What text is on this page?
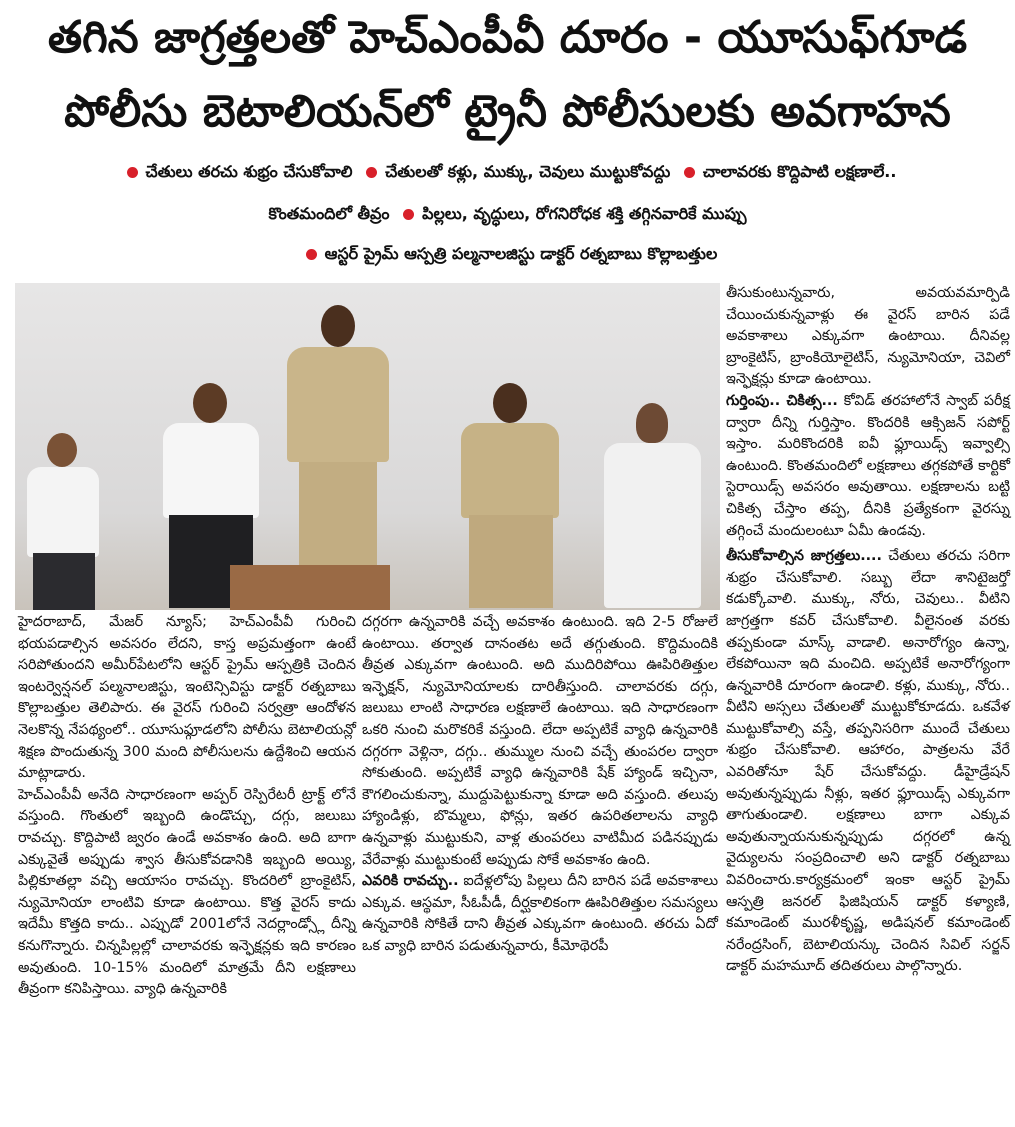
తగిన జాగ్రత్తలతో హెచ్‌ఎంపీవీ దూరం - యూసుఫ్‌గూడ
పోలీసు బెటాలియన్‌లో ట్రైనీ పోలీసులకు అవగాహన
చేతులు తరచు శుభ్రం చేసుకోవాలి చేతులతో కళ్లు, ముక్కు, చెవులు ముట్టుకోవద్దు చాలావరకు కొద్దిపాటి లక్షణాలే..
కొంతమందిలో తీవ్రం పిల్లలు, వృద్ధులు, రోగనిరోధక శక్తి తగ్గినవారికే ముప్పు
ఆస్టర్ ప్రైమ్ ఆస్పత్రి పల్మనాలజిస్టు డాక్టర్ రత్నబాబు కొల్లాబత్తుల

హైదరాబాద్, మేజర్ న్యూస్; హెచ్‌ఎంపీవీ గురించి భయపడాల్సిన అవసరం లేదని, కాస్త అప్రమత్తంగా ఉంటే సరిపోతుందని అమీర్‌పేటలోని ఆస్టర్ ప్రైమ్ ఆస్పత్రికి చెందిన ఇంటర్వెన్షనల్ పల్మనాలజిస్టు, ఇంటెన్సివిస్టు డాక్టర్ రత్నబాబు కొల్లాబత్తుల తెలిపారు. ఈ వైరస్ గురించి సర్వత్రా ఆందోళన నెలకొన్న నేపథ్యంలో.. యూసుఫ్గూడలోని పోలీసు బెటాలియన్లో శిక్షణ పొందుతున్న 300 మంది పోలీసులను ఉద్దేశించి ఆయన మాట్లాడారు.

హెచ్‌ఎంపీవీ అనేది సాధారణంగా అప్పర్ రెస్పిరేటరీ ట్రాక్ట్ లోనే వస్తుంది. గొంతులో ఇబ్బంది ఉండొచ్చు, దగ్గు, జలుబు రావచ్చు. కొద్దిపాటి జ్వరం ఉండే అవకాశం ఉంది. అది బాగా ఎక్కువైతే అప్పుడు శ్వాస తీసుకోవడానికి ఇబ్బంది అయ్యి, పిల్లికూతల్లా వచ్చి ఆయాసం రావచ్చు. కొందరిలో బ్రాంకైటిస్, న్యుమోనియా లాంటివి కూడా ఉంటాయి. కొత్త వైరస్ కాదు ఇదేమీ కొత్తది కాదు.. ఎప్పుడో 2001లోనే నెదర్లాండ్స్లో దీన్ని కనుగొన్నారు. చిన్నపిల్లల్లో చాలావరకు ఇన్ఫెక్షన్లకు ఇది కారణం అవుతుంది. 10-15% మందిలో మాత్రమే దీని లక్షణాలు తీవ్రంగా కనిపిస్తాయి. వ్యాధి ఉన్నవారికి

దగ్గరగా ఉన్నవారికి వచ్చే అవకాశం ఉంటుంది. ఇది 2-5 రోజులే ఉంటాయి. తర్వాత దానంతట అదే తగ్గుతుంది. కొద్దిమందికి తీవ్రత ఎక్కువగా ఉంటుంది. అది ముదిరిపోయి ఊపిరితిత్తుల ఇన్ఫెక్షన్, న్యుమోనియాలకు దారితీస్తుంది. చాలావరకు దగ్గు, జలుబు లాంటి సాధారణ లక్షణాలే ఉంటాయి. ఇది సాధారణంగా ఒకరి నుంచి మరొకరికే వస్తుంది. లేదా అప్పటికే వ్యాధి ఉన్నవారికి దగ్గరగా వెళ్లినా, దగ్గు.. తుమ్ముల నుంచి వచ్చే తుంపరల ద్వారా సోకుతుంది. అప్పటికే వ్యాధి ఉన్నవారికి షేక్ హ్యాండ్ ఇచ్చినా, కౌగలించుకున్నా, ముద్దుపెట్టుకున్నా కూడా అది వస్తుంది. తలుపు హ్యాండిళ్లు, బొమ్మలు, ఫోన్లు, ఇతర ఉపరితలాలను వ్యాధి ఉన్నవాళ్లు ముట్టుకుని, వాళ్ల తుంపరలు వాటిమీద పడినప్పుడు వేరేవాళ్లు ముట్టుకుంటే అప్పుడు సోకే అవకాశం ఉంది.

ఎవరికి రావచ్చు.. ఐదేళ్లలోపు పిల్లలు దీని బారిన పడే అవకాశాలు ఎక్కువ. ఆస్థమా, సీఓపీడీ, దీర్ఘకాలికంగా ఊపిరితిత్తుల సమస్యలు ఉన్నవారికి సోకితే దాని తీవ్రత ఎక్కువగా ఉంటుంది. తరచు ఏదో ఒక వ్యాధి బారిన పడుతున్నవారు, కీమోథెరపీ

తీసుకుంటున్నవారు, అవయవమార్పిడి చేయించుకున్నవాళ్లు ఈ వైరస్ బారిన పడే అవకాశాలు ఎక్కువగా ఉంటాయి. దీనివల్ల బ్రాంకైటిస్, బ్రాంకియోలైటిస్, న్యుమోనియా, చెవిలో ఇన్ఫెక్షన్లు కూడా ఉంటాయి.

గుర్తింపు.. చికిత్స... కోవిడ్ తరహాలోనే స్వాబ్ పరీక్ష ద్వారా దీన్ని గుర్తిస్తాం. కొందరికి ఆక్సిజన్ సపోర్ట్ ఇస్తాం. మరికొందరికి ఐవీ ఫ్లూయిడ్స్ ఇవ్వాల్సి ఉంటుంది. కొంతమందిలో లక్షణాలు తగ్గకపోతే కార్టికో స్టెరాయిడ్స్ అవసరం అవుతాయి. లక్షణాలను బట్టి చికిత్స చేస్తాం తప్ప, దీనికి ప్రత్యేకంగా వైరస్ను తగ్గించే మందులంటూ ఏమీ ఉండవు.

తీసుకోవాల్సిన జాగ్రత్తలు.... చేతులు తరచు సరిగా శుభ్రం చేసుకోవాలి. సబ్బు లేదా శానిటైజర్తో కడుక్కోవాలి. ముక్కు, నోరు, చెవులు.. వీటిని జాగ్రత్తగా కవర్ చేసుకోవాలి. వీలైనంత వరకు తప్పకుండా మాస్క్ వాడాలి. అనారోగ్యం ఉన్నా, లేకపోయినా ఇది మంచిది. అప్పటికే అనారోగ్యంగా ఉన్నవారికి దూరంగా ఉండాలి. కళ్లు, ముక్కు, నోరు.. వీటిని అస్సలు చేతులతో ముట్టుకోకూడదు. ఒకవేళ ముట్టుకోవాల్సి వస్తే, తప్పనిసరిగా ముందే చేతులు శుభ్రం చేసుకోవాలి. ఆహారం, పాత్రలను వేరే ఎవరితోనూ షేర్ చేసుకోవద్దు. డీహైడ్రేషన్ అవుతున్నప్పుడు నీళ్లు, ఇతర ఫ్లూయిడ్స్ ఎక్కువగా తాగుతుండాలి. లక్షణాలు బాగా ఎక్కువ అవుతున్నాయనుకున్నప్పుడు దగ్గరలో ఉన్న వైద్యులను సంప్రదించాలి అని డాక్టర్ రత్నబాబు వివరించారు.కార్యక్రమంలో ఇంకా ఆస్టర్ ప్రైమ్ ఆస్పత్రి జనరల్ ఫిజిషియన్ డాక్టర్ కళ్యాణి, కమాండెంట్ మురళీకృష్ణ, అడిషనల్ కమాండెంట్ నరేంద్రసింగ్, బెటాలియన్కు చెందిన సివిల్ సర్జన్ డాక్టర్ మహమూద్ తదితరులు పాల్గొన్నారు.
